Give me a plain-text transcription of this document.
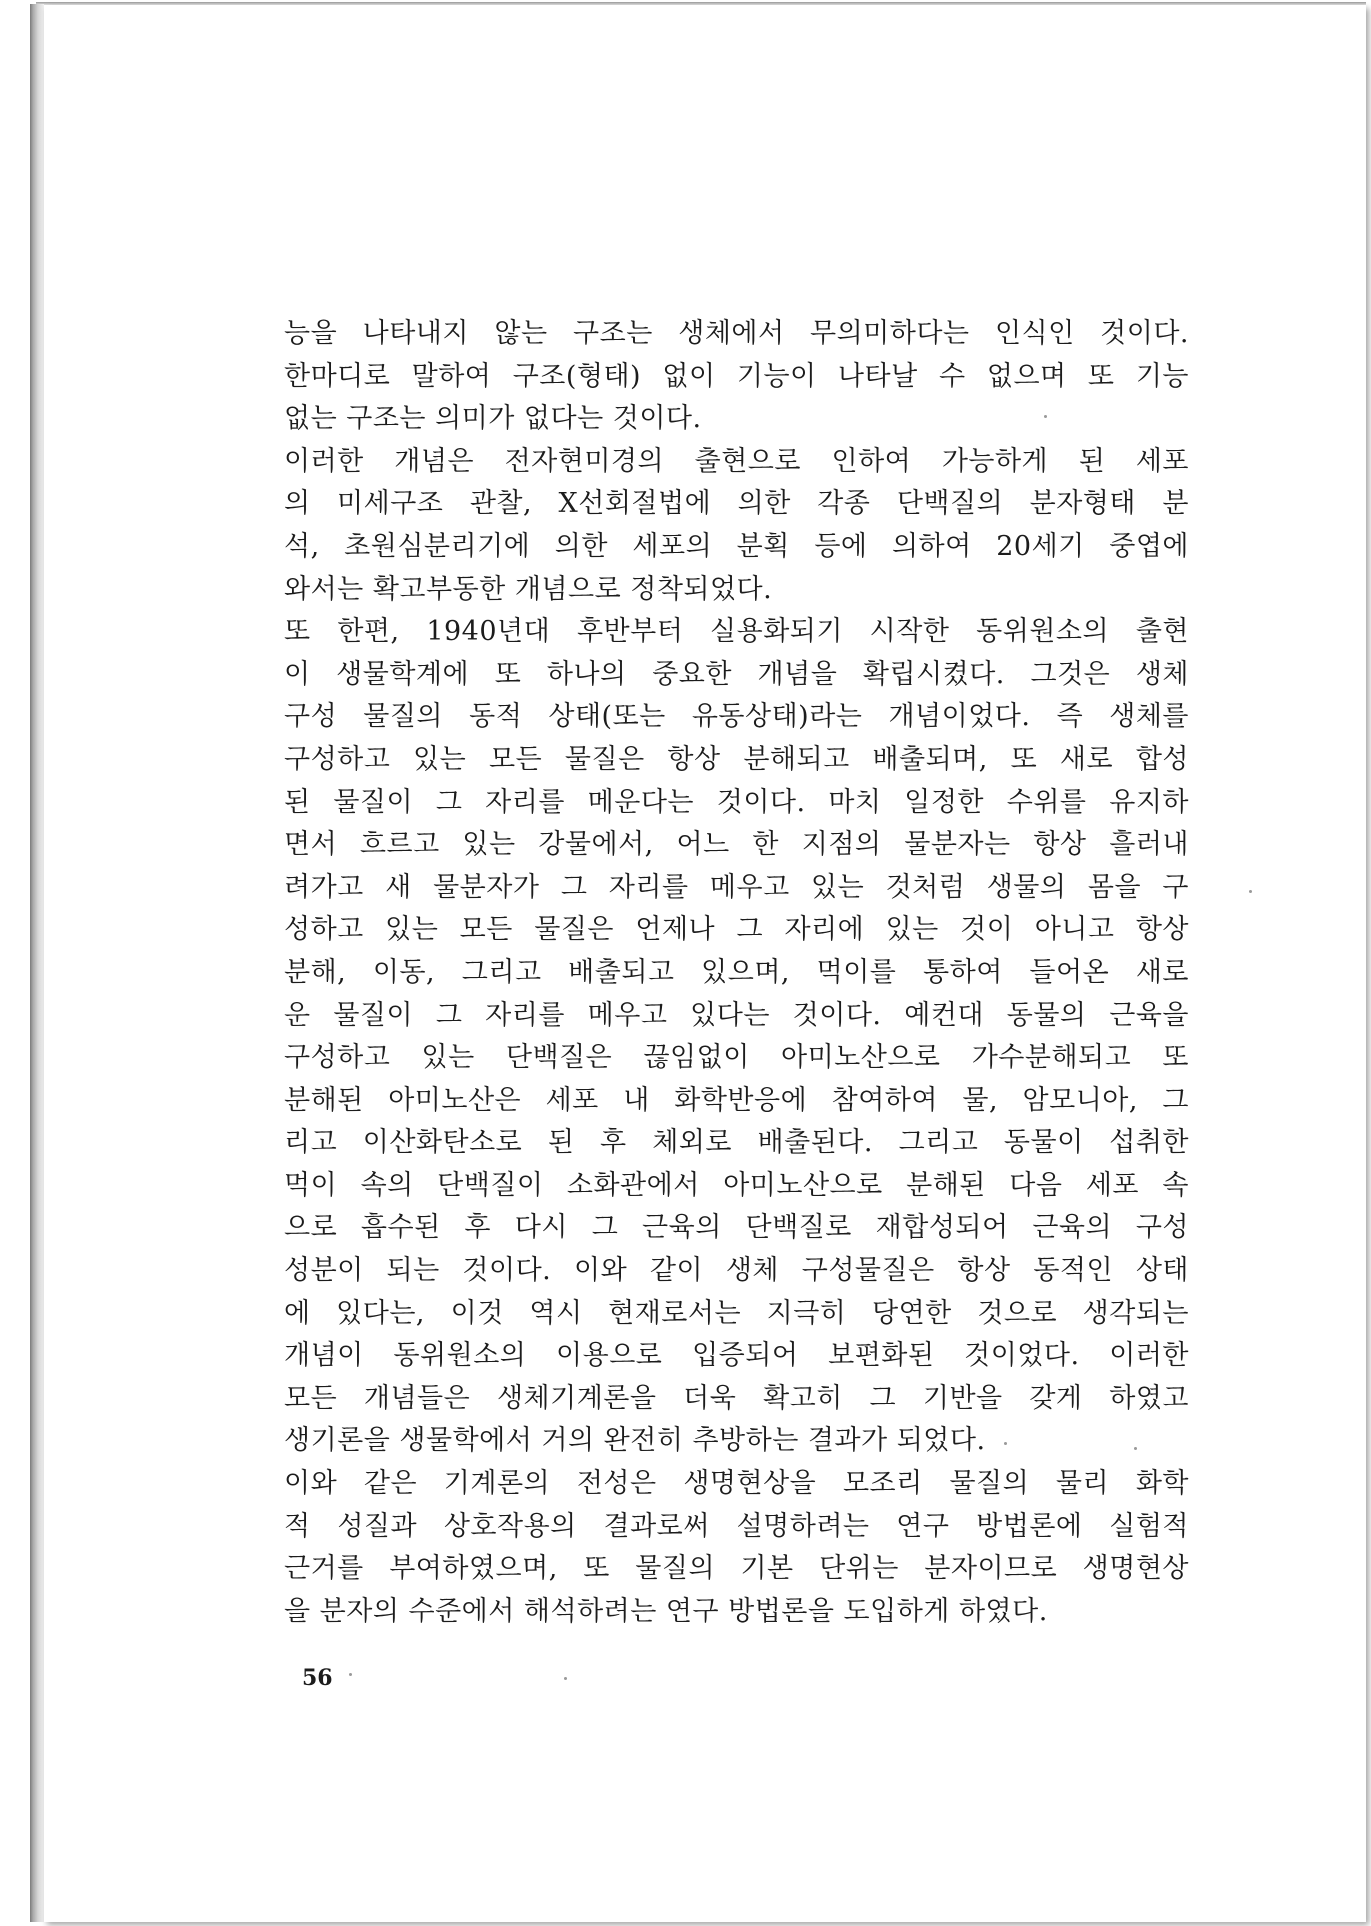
능을 나타내지 않는 구조는 생체에서 무의미하다는 인식인 것이다.
한마디로 말하여 구조(형태) 없이 기능이 나타날 수 없으며 또 기능
없는 구조는 의미가 없다는 것이다.
이러한 개념은 전자현미경의 출현으로 인하여 가능하게 된 세포
의 미세구조 관찰, X선회절법에 의한 각종 단백질의 분자형태 분
석, 초원심분리기에 의한 세포의 분획 등에 의하여 20세기 중엽에
와서는 확고부동한 개념으로 정착되었다.
또 한편, 1940년대 후반부터 실용화되기 시작한 동위원소의 출현
이 생물학계에 또 하나의 중요한 개념을 확립시켰다. 그것은 생체
구성 물질의 동적 상태(또는 유동상태)라는 개념이었다. 즉 생체를
구성하고 있는 모든 물질은 항상 분해되고 배출되며, 또 새로 합성
된 물질이 그 자리를 메운다는 것이다. 마치 일정한 수위를 유지하
면서 흐르고 있는 강물에서, 어느 한 지점의 물분자는 항상 흘러내
려가고 새 물분자가 그 자리를 메우고 있는 것처럼 생물의 몸을 구
성하고 있는 모든 물질은 언제나 그 자리에 있는 것이 아니고 항상
분해, 이동, 그리고 배출되고 있으며, 먹이를 통하여 들어온 새로
운 물질이 그 자리를 메우고 있다는 것이다. 예컨대 동물의 근육을
구성하고 있는 단백질은 끊임없이 아미노산으로 가수분해되고 또
분해된 아미노산은 세포 내 화학반응에 참여하여 물, 암모니아, 그
리고 이산화탄소로 된 후 체외로 배출된다. 그리고 동물이 섭취한
먹이 속의 단백질이 소화관에서 아미노산으로 분해된 다음 세포 속
으로 흡수된 후 다시 그 근육의 단백질로 재합성되어 근육의 구성
성분이 되는 것이다. 이와 같이 생체 구성물질은 항상 동적인 상태
에 있다는, 이것 역시 현재로서는 지극히 당연한 것으로 생각되는
개념이 동위원소의 이용으로 입증되어 보편화된 것이었다. 이러한
모든 개념들은 생체기계론을 더욱 확고히 그 기반을 갖게 하였고
생기론을 생물학에서 거의 완전히 추방하는 결과가 되었다.
이와 같은 기계론의 전성은 생명현상을 모조리 물질의 물리 화학
적 성질과 상호작용의 결과로써 설명하려는 연구 방법론에 실험적
근거를 부여하였으며, 또 물질의 기본 단위는 분자이므로 생명현상
을 분자의 수준에서 해석하려는 연구 방법론을 도입하게 하였다.
56
